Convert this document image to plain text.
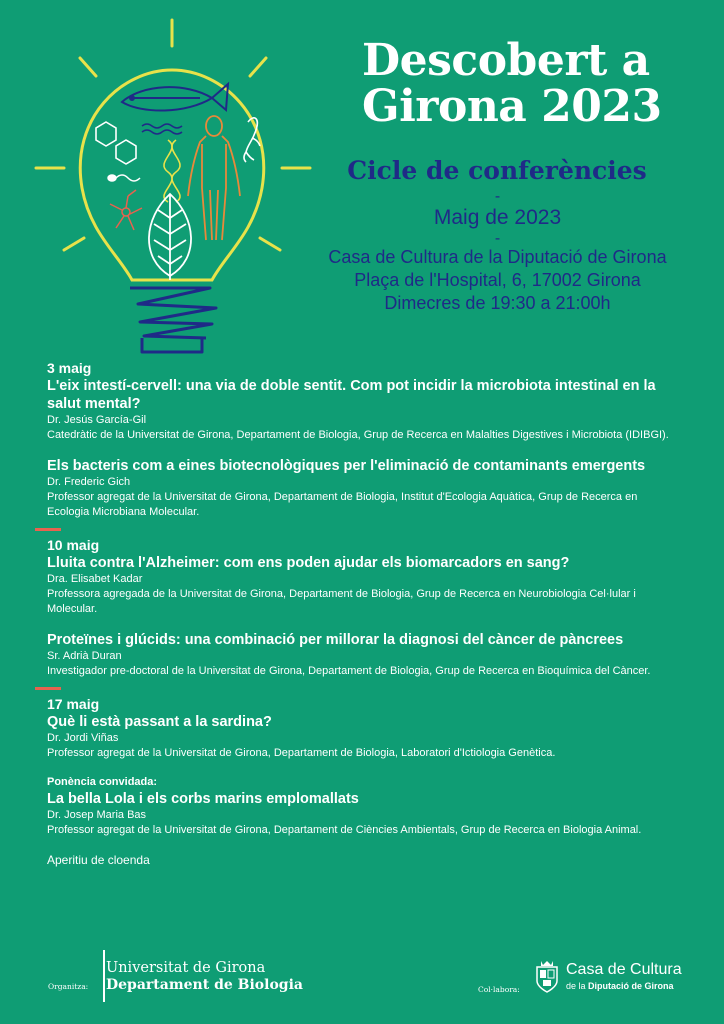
Descobert a
Girona 2023
Cicle de conferències
-
Maig de 2023
-
Casa de Cultura de la Diputació de Girona
Plaça de l'Hospital, 6, 17002 Girona
Dimecres de 19:30 a 21:00h
3 maig
L'eix intestí-cervell: una via de doble sentit. Com pot incidir la microbiota intestinal en la salut mental?
Dr. Jesús García-Gil
Catedràtic de la Universitat de Girona, Departament de Biologia, Grup de Recerca en Malalties Digestives i Microbiota (IDIBGI).
Els bacteris com a eines biotecnològiques per l'eliminació de contaminants emergents
Dr. Frederic Gich
Professor agregat de la Universitat de Girona, Departament de Biologia, Institut d'Ecologia Aquàtica, Grup de Recerca en Ecologia Microbiana Molecular.
10 maig
Lluita contra l'Alzheimer: com ens poden ajudar els biomarcadors en sang?
Dra. Elisabet Kadar
Professora agregada de la Universitat de Girona, Departament de Biologia, Grup de Recerca en Neurobiologia Cel·lular i Molecular.
Proteïnes i glúcids: una combinació per millorar la diagnosi del càncer de pàncrees
Sr. Adrià Duran
Investigador pre-doctoral de la Universitat de Girona, Departament de Biologia, Grup de Recerca en Bioquímica del Càncer.
17 maig
Què li està passant a la sardina?
Dr. Jordi Viñas
Professor agregat de la Universitat de Girona, Departament de Biologia, Laboratori d'Ictiologia Genètica.
Ponència convidada:
La bella Lola i els corbs marins emplomallats
Dr. Josep Maria Bas
Professor agregat de la Universitat de Girona, Departament de Ciències Ambientals, Grup de Recerca en Biologia Animal.
Aperitiu de cloenda
Organitza:
Universitat de Girona
Departament de Biologia	Col·labora:
Casa de Cultura
de la Diputació de Girona
